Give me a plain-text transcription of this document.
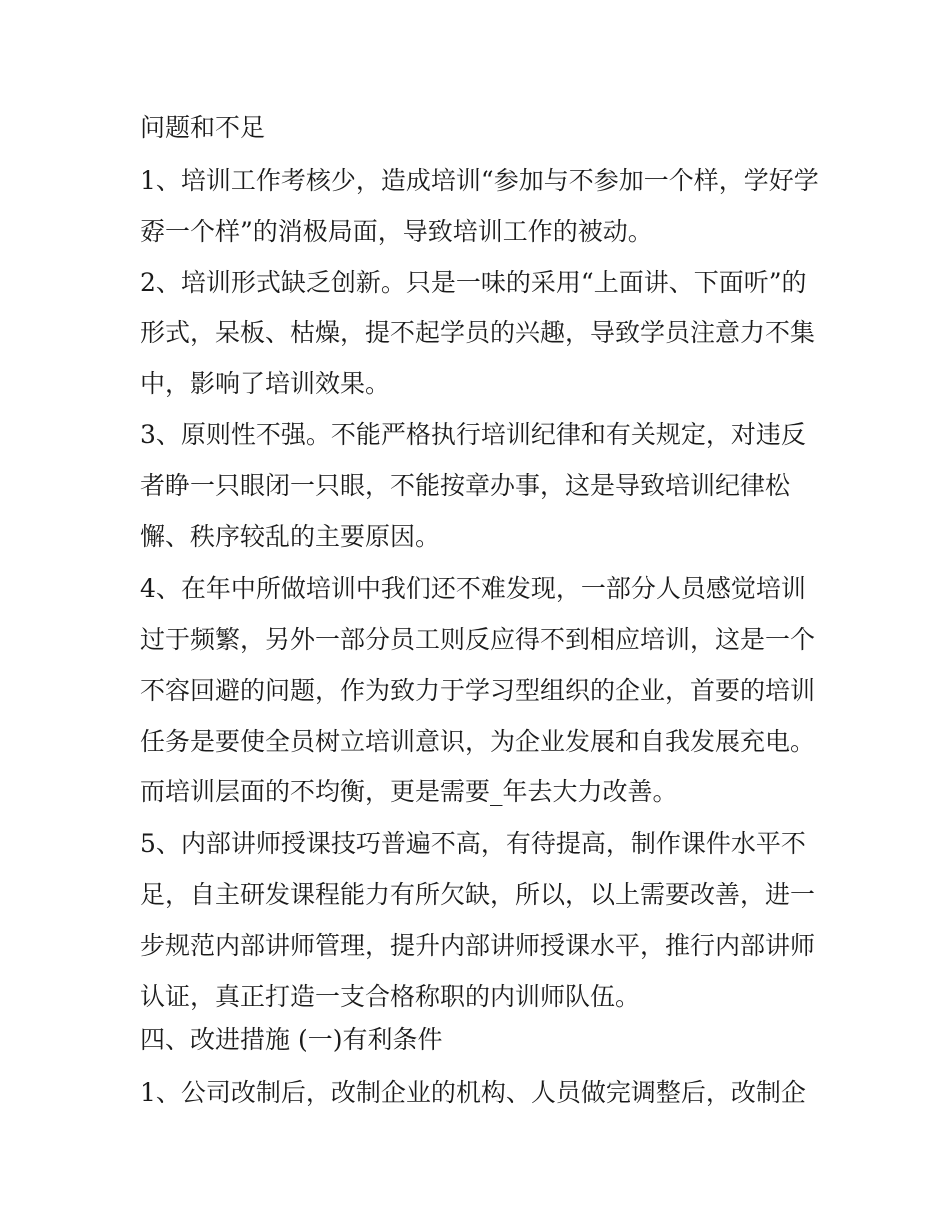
问题和不足
1、培训工作考核少，造成培训“参加与不参加一个样，学好学
孬一个样”的消极局面，导致培训工作的被动。
2、培训形式缺乏创新。只是一味的采用“上面讲、下面听”的
形式，呆板、枯燥，提不起学员的兴趣，导致学员注意力不集
中，影响了培训效果。
3、原则性不强。不能严格执行培训纪律和有关规定，对违反
者睁一只眼闭一只眼，不能按章办事，这是导致培训纪律松
懈、秩序较乱的主要原因。
4、在年中所做培训中我们还不难发现，一部分人员感觉培训
过于频繁，另外一部分员工则反应得不到相应培训，这是一个
不容回避的问题，作为致力于学习型组织的企业，首要的培训
任务是要使全员树立培训意识，为企业发展和自我发展充电。
而培训层面的不均衡，更是需要_年去大力改善。
5、内部讲师授课技巧普遍不高，有待提高，制作课件水平不
足，自主研发课程能力有所欠缺，所以，以上需要改善，进一
步规范内部讲师管理，提升内部讲师授课水平，推行内部讲师
认证，真正打造一支合格称职的内训师队伍。
四、改进措施 (一)有利条件
1、公司改制后，改制企业的机构、人员做完调整后，改制企
